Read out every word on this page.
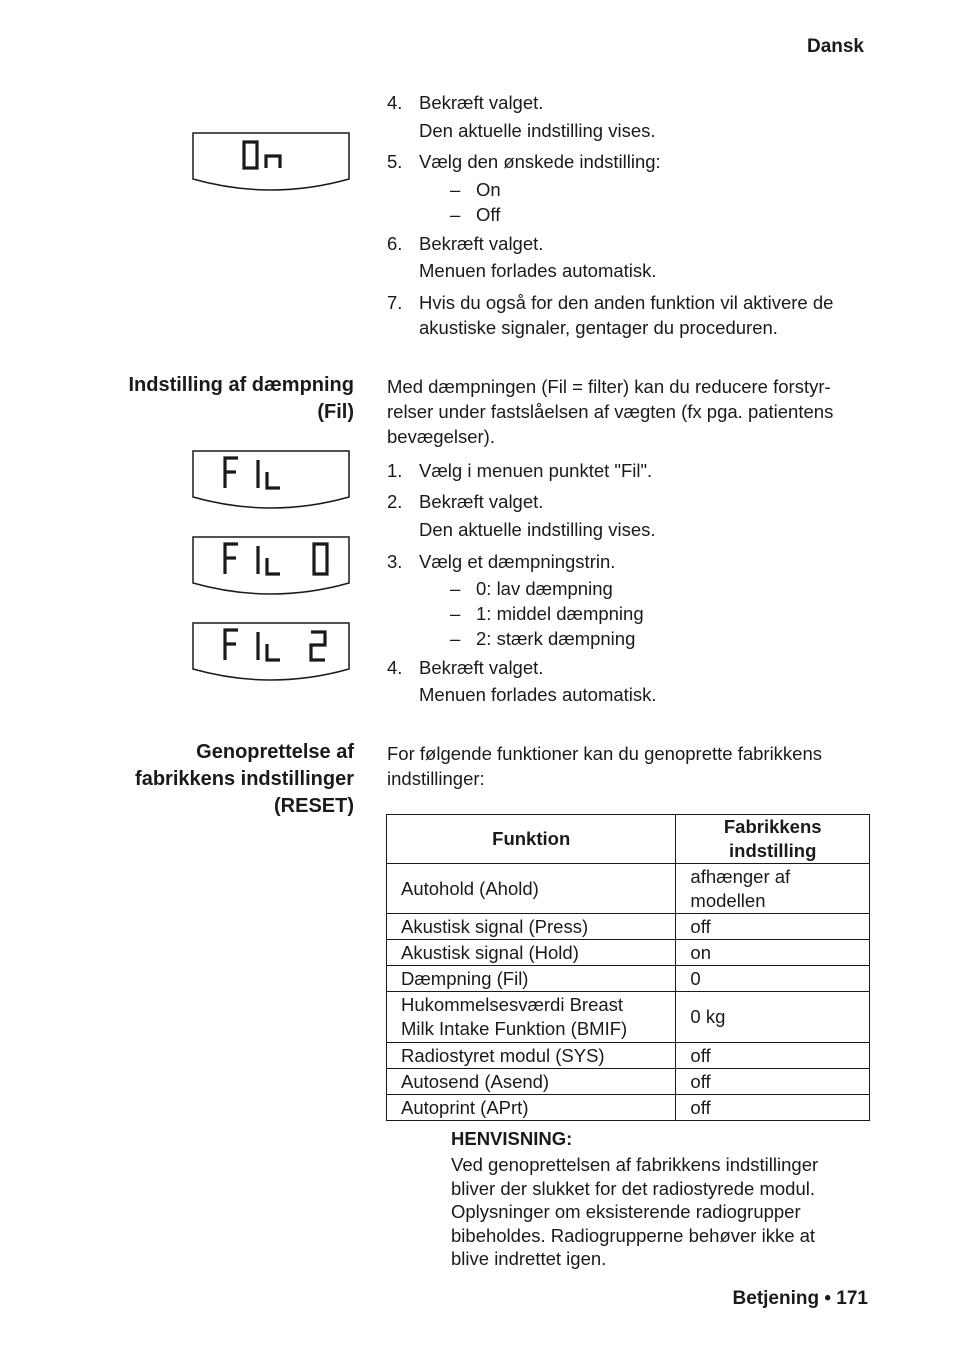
Dansk
On
4. Bekræft valget.
Den aktuelle indstilling vises.
5. Vælg den ønskede indstilling:
– On
– Off
6. Bekræft valget.
Menuen forlades automatisk.
7. Hvis du også for den anden funktion vil aktivere de akustiske signaler, gentager du proceduren.
Indstilling af dæmpning
(Fil)
Med dæmpningen (Fil = filter) kan du reducere forstyr-
relser under fastslåelsen af vægten (fx pga. patientens
bevægelser).
1. Vælg i menuen punktet "Fil".
2. Bekræft valget.
Den aktuelle indstilling vises.
3. Vælg et dæmpningstrin.
– 0: lav dæmpning
– 1: middel dæmpning
– 2: stærk dæmpning
4. Bekræft valget.
Menuen forlades automatisk.
Genoprettelse af
fabrikkens indstillinger
(RESET)
For følgende funktioner kan du genoprette fabrikkens
indstillinger:
Funktion	Fabrikkens
indstilling

Autohold (Ahold)	afhænger af
modellen

Akustisk signal (Press)	off
Akustisk signal (Hold)	on
Dæmpning (Fil)	0

Hukommelsesværdi Breast
Milk Intake Funktion (BMIF)	0 kg
Radiostyret modul (SYS)	off
Autosend (Asend)	off
Autoprint (APrt)	off
HENVISNING:
Ved genoprettelsen af fabrikkens indstillinger
bliver der slukket for det radiostyrede modul.
Oplysninger om eksisterende radiogrupper
bibeholdes. Radiogrupperne behøver ikke at
blive indrettet igen.
Betjening • 171
